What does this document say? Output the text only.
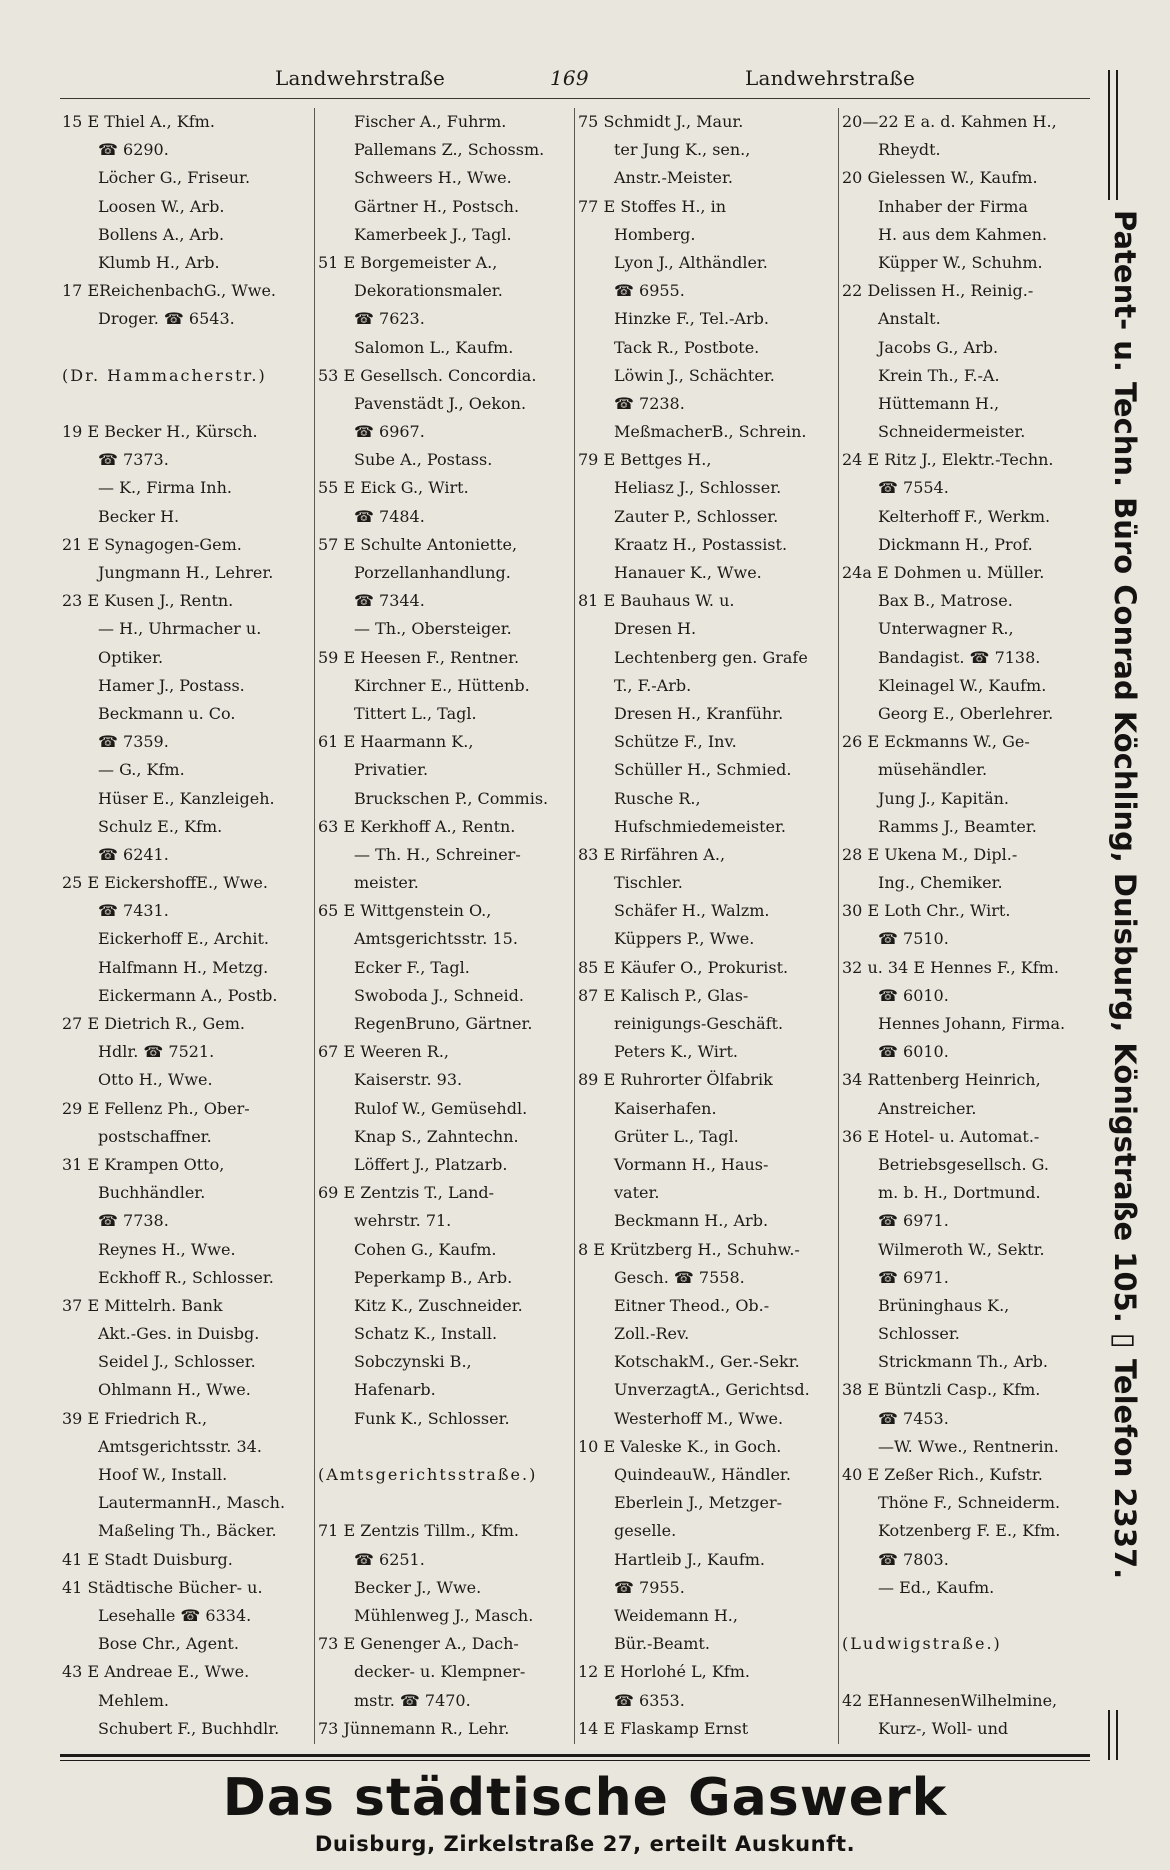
Landwehrstraße	169	Landwehrstraße
15 E Thiel A., Kfm.
☎ 6290.
Löcher G., Friseur.
Loosen W., Arb.
Bollens A., Arb.
Klumb H., Arb.
17 EReichenbachG., Wwe.
Droger. ☎ 6543.
(Dr. Hammacherstr.)
19 E Becker H., Kürsch.
☎ 7373.
— K., Firma Inh.
Becker H.
21 E Synagogen-Gem.
Jungmann H., Lehrer.
23 E Kusen J., Rentn.
— H., Uhrmacher u.
Optiker.
Hamer J., Postass.
Beckmann u. Co.
☎ 7359.
— G., Kfm.
Hüser E., Kanzleigeh.
Schulz E., Kfm.
☎ 6241.
25 E EickershoffE., Wwe.
☎ 7431.
Eickerhoff E., Archit.
Halfmann H., Metzg.
Eickermann A., Postb.
27 E Dietrich R., Gem.
Hdlr. ☎ 7521.
Otto H., Wwe.
29 E Fellenz Ph., Ober-
postschaffner.
31 E Krampen Otto,
Buchhändler.
☎ 7738.
Reynes H., Wwe.
Eckhoff R., Schlosser.
37 E Mittelrh. Bank
Akt.-Ges. in Duisbg.
Seidel J., Schlosser.
Ohlmann H., Wwe.
39 E Friedrich R.,
Amtsgerichtsstr. 34.
Hoof W., Install.
LautermannH., Masch.
Maßeling Th., Bäcker.
41 E Stadt Duisburg.
41 Städtische Bücher- u.
Lesehalle ☎ 6334.
Bose Chr., Agent.
43 E Andreae E., Wwe.
Mehlem.
Schubert F., Buchhdlr.
Fischer A., Fuhrm.
Pallemans Z., Schossm.
Schweers H., Wwe.
Gärtner H., Postsch.
Kamerbeek J., Tagl.
51 E Borgemeister A.,
Dekorationsmaler.
☎ 7623.
Salomon L., Kaufm.
53 E Gesellsch. Concordia.
Pavenstädt J., Oekon.
☎ 6967.
Sube A., Postass.
55 E Eick G., Wirt.
☎ 7484.
57 E Schulte Antoniette,
Porzellanhandlung.
☎ 7344.
— Th., Obersteiger.
59 E Heesen F., Rentner.
Kirchner E., Hüttenb.
Tittert L., Tagl.
61 E Haarmann K.,
Privatier.
Bruckschen P., Commis.
63 E Kerkhoff A., Rentn.
— Th. H., Schreiner-
meister.
65 E Wittgenstein O.,
Amtsgerichtsstr. 15.
Ecker F., Tagl.
Swoboda J., Schneid.
RegenBruno, Gärtner.
67 E Weeren R.,
Kaiserstr. 93.
Rulof W., Gemüsehdl.
Knap S., Zahntechn.
Löffert J., Platzarb.
69 E Zentzis T., Land-
wehrstr. 71.
Cohen G., Kaufm.
Peperkamp B., Arb.
Kitz K., Zuschneider.
Schatz K., Install.
Sobczynski B.,
Hafenarb.
Funk K., Schlosser.
(Amtsgerichtsstraße.)
71 E Zentzis Tillm., Kfm.
☎ 6251.
Becker J., Wwe.
Mühlenweg J., Masch.
73 E Genenger A., Dach-
decker- u. Klempner-
mstr. ☎ 7470.
73 Jünnemann R., Lehr.
75 Schmidt J., Maur.
ter Jung K., sen.,
Anstr.-Meister.
77 E Stoffes H., in
Homberg.
Lyon J., Althändler.
☎ 6955.
Hinzke F., Tel.-Arb.
Tack R., Postbote.
Löwin J., Schächter.
☎ 7238.
MeßmacherB., Schrein.
79 E Bettges H.,
Heliasz J., Schlosser.
Zauter P., Schlosser.
Kraatz H., Postassist.
Hanauer K., Wwe.
81 E Bauhaus W. u.
Dresen H.
Lechtenberg gen. Grafe
T., F.-Arb.
Dresen H., Kranführ.
Schütze F., Inv.
Schüller H., Schmied.
Rusche R.,
Hufschmiedemeister.
83 E Rirfähren A.,
Tischler.
Schäfer H., Walzm.
Küppers P., Wwe.
85 E Käufer O., Prokurist.
87 E Kalisch P., Glas-
reinigungs-Geschäft.
Peters K., Wirt.
89 E Ruhrorter Ölfabrik
Kaiserhafen.
Grüter L., Tagl.
Vormann H., Haus-
vater.
Beckmann H., Arb.
8 E Krützberg H., Schuhw.-
Gesch. ☎ 7558.
Eitner Theod., Ob.-
Zoll.-Rev.
KotschakM., Ger.-Sekr.
UnverzagtA., Gerichtsd.
Westerhoff M., Wwe.
10 E Valeske K., in Goch.
QuindeauW., Händler.
Eberlein J., Metzger-
geselle.
Hartleib J., Kaufm.
☎ 7955.
Weidemann H.,
Bür.-Beamt.
12 E Horlohé L, Kfm.
☎ 6353.
14 E Flaskamp Ernst
20—22 E a. d. Kahmen H.,
Rheydt.
20 Gielessen W., Kaufm.
Inhaber der Firma
H. aus dem Kahmen.
Küpper W., Schuhm.
22 Delissen H., Reinig.-
Anstalt.
Jacobs G., Arb.
Krein Th., F.-A.
Hüttemann H.,
Schneidermeister.
24 E Ritz J., Elektr.-Techn.
☎ 7554.
Kelterhoff F., Werkm.
Dickmann H., Prof.
24a E Dohmen u. Müller.
Bax B., Matrose.
Unterwagner R.,
Bandagist. ☎ 7138.
Kleinagel W., Kaufm.
Georg E., Oberlehrer.
26 E Eckmanns W., Ge-
müsehändler.
Jung J., Kapitän.
Ramms J., Beamter.
28 E Ukena M., Dipl.-
Ing., Chemiker.
30 E Loth Chr., Wirt.
☎ 7510.
32 u. 34 E Hennes F., Kfm.
☎ 6010.
Hennes Johann, Firma.
☎ 6010.
34 Rattenberg Heinrich,
Anstreicher.
36 E Hotel- u. Automat.-
Betriebsgesellsch. G.
m. b. H., Dortmund.
☎ 6971.
Wilmeroth W., Sektr.
☎ 6971.
Brüninghaus K.,
Schlosser.
Strickmann Th., Arb.
38 E Büntzli Casp., Kfm.
☎ 7453.
—W. Wwe., Rentnerin.
40 E Zeßer Rich., Kufstr.
Thöne F., Schneiderm.
Kotzenberg F. E., Kfm.
☎ 7803.
— Ed., Kaufm.
(Ludwigstraße.)
42 EHannesenWilhelmine,
Kurz-, Woll- und
Das städtische Gaswerk
Duisburg, Zirkelstraße 27, erteilt Auskunft.
Patent- u. Techn. Büro Conrad Köchling, Duisburg, Königstraße 105. ▯ Telefon 2337.
